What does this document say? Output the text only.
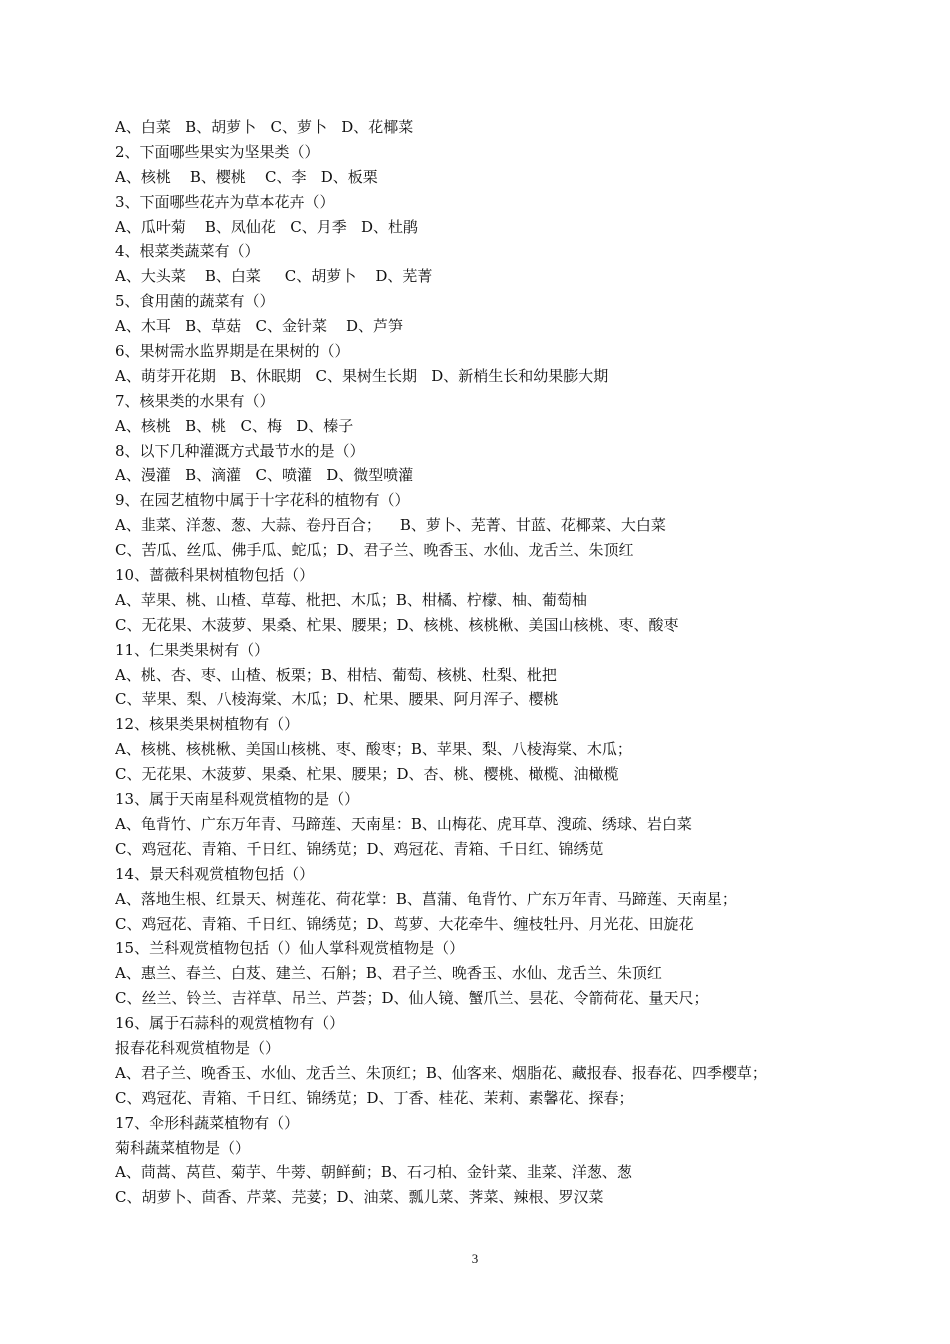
A、白菜   B、胡萝卜   C、萝卜   D、花椰菜
2、下面哪些果实为坚果类（）
A、核桃    B、樱桃    C、李   D、板栗
3、下面哪些花卉为草本花卉（）
A、瓜叶菊    B、凤仙花   C、月季   D、杜鹃
4、根菜类蔬菜有（）
A、大头菜    B、白菜     C、胡萝卜    D、芜菁
5、食用菌的蔬菜有（）
A、木耳   B、草菇   C、金针菜    D、芦笋
6、果树需水监界期是在果树的（）
A、萌芽开花期   B、休眠期   C、果树生长期   D、新梢生长和幼果膨大期
7、核果类的水果有（）
A、核桃   B、桃   C、梅   D、榛子
8、以下几种灌溉方式最节水的是（）
A、漫灌   B、滴灌   C、喷灌   D、微型喷灌
9、在园艺植物中属于十字花科的植物有（）
A、韭菜、洋葱、葱、大蒜、卷丹百合；    B、萝卜、芜菁、甘蓝、花椰菜、大白菜
C、苦瓜、丝瓜、佛手瓜、蛇瓜；D、君子兰、晚香玉、水仙、龙舌兰、朱顶红
10、蔷薇科果树植物包括（）
A、苹果、桃、山楂、草莓、枇把、木瓜；B、柑橘、柠檬、柚、葡萄柚
C、无花果、木菠萝、果桑、杧果、腰果；D、核桃、核桃楸、美国山核桃、枣、酸枣
11、仁果类果树有（）
A、桃、杏、枣、山楂、板栗；B、柑桔、葡萄、核桃、杜梨、枇把
C、苹果、梨、八棱海棠、木瓜；D、杧果、腰果、阿月浑子、樱桃
12、核果类果树植物有（）
A、核桃、核桃楸、美国山核桃、枣、酸枣；B、苹果、梨、八棱海棠、木瓜；
C、无花果、木菠萝、果桑、杧果、腰果；D、杏、桃、樱桃、橄榄、油橄榄
13、属于天南星科观赏植物的是（）
A、龟背竹、广东万年青、马蹄莲、天南星：B、山梅花、虎耳草、溲疏、绣球、岩白菜
C、鸡冠花、青箱、千日红、锦绣苋；D、鸡冠花、青箱、千日红、锦绣苋
14、景天科观赏植物包括（）
A、落地生根、红景天、树莲花、荷花掌：B、菖蒲、龟背竹、广东万年青、马蹄莲、天南星；
C、鸡冠花、青箱、千日红、锦绣苋；D、茑萝、大花牵牛、缠枝牡丹、月光花、田旋花
15、兰科观赏植物包括（）仙人掌科观赏植物是（）
A、惠兰、春兰、白芨、建兰、石斛；B、君子兰、晚香玉、水仙、龙舌兰、朱顶红
C、丝兰、铃兰、吉祥草、吊兰、芦荟；D、仙人镜、蟹爪兰、昙花、令箭荷花、量天尺；
16、属于石蒜科的观赏植物有（）
报春花科观赏植物是（）
A、君子兰、晚香玉、水仙、龙舌兰、朱顶红；B、仙客来、烟脂花、藏报春、报春花、四季樱草；
C、鸡冠花、青箱、千日红、锦绣苋；D、丁香、桂花、茉莉、素馨花、探春；
17、伞形科蔬菜植物有（）
菊科蔬菜植物是（）
A、茼蒿、莴苣、菊芋、牛蒡、朝鲜蓟；B、石刁柏、金针菜、韭菜、洋葱、葱
C、胡萝卜、茴香、芹菜、芫荽；D、油菜、瓢儿菜、荠菜、辣根、罗汉菜
3
